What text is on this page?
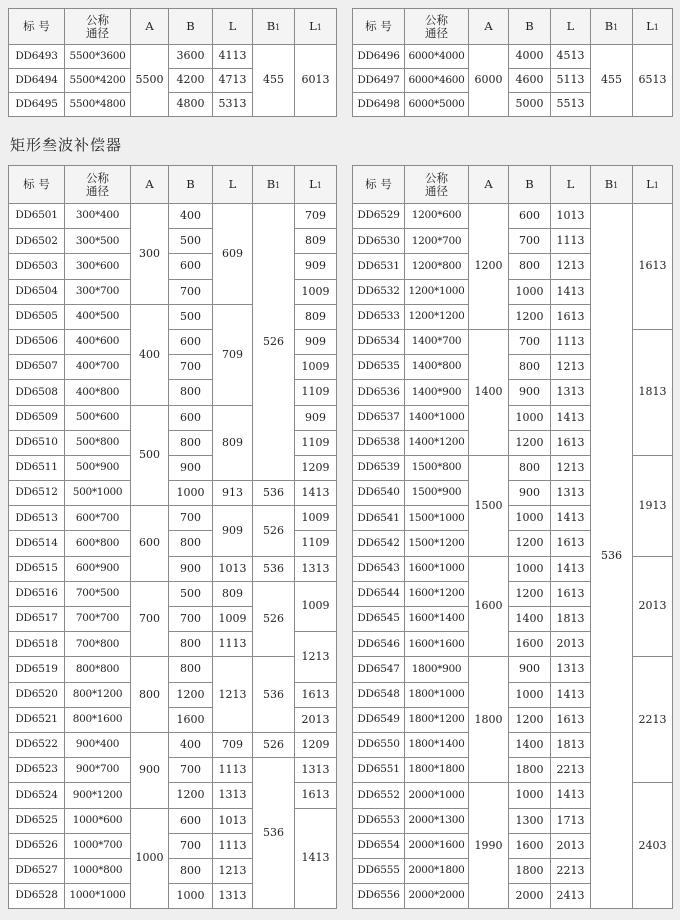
标 号	公称
通径	A	B	L	B1	L1
DD6493	5500*3600	5500	3600	4113	455	6013
DD6494	5500*4200		4200	4713		
DD6495	5500*4800		4800	5313		
标 号	公称
通径	A	B	L	B1	L1
DD6496	6000*4000	6000	4000	4513	455	6513
DD6497	6000*4600		4600	5113		
DD6498	6000*5000		5000	5513		
矩形叁波补偿器
标 号	公称
通径	A	B	L	B1	L1
DD6501	300*400	300	400	609	526	709
DD6502	300*500		500			809
DD6503	300*600		600			909
DD6504	300*700		700			1009
DD6505	400*500	400	500	709		809
DD6506	400*600		600			909
DD6507	400*700		700			1009
DD6508	400*800		800			1109
DD6509	500*600	500	600	809		909
DD6510	500*800		800			1109
DD6511	500*900		900			1209
DD6512	500*1000		1000	913	536	1413
DD6513	600*700	600	700	909	526	1009
DD6514	600*800		800			1109
DD6515	600*900		900	1013	536	1313
DD6516	700*500	700	500	809	526	1009
DD6517	700*700		700	1009		
DD6518	700*800		800	1113		1213
DD6519	800*800	800	800	1213	536	
DD6520	800*1200		1200			1613
DD6521	800*1600		1600			2013
DD6522	900*400	900	400	709	526	1209
DD6523	900*700		700	1113	536	1313
DD6524	900*1200		1200	1313		1613
DD6525	1000*600	1000	600	1013		1413
DD6526	1000*700		700	1113		
DD6527	1000*800		800	1213		
DD6528	1000*1000		1000	1313		
标 号	公称
通径	A	B	L	B1	L1
DD6529	1200*600	1200	600	1013	536	1613
DD6530	1200*700		700	1113		
DD6531	1200*800		800	1213		
DD6532	1200*1000		1000	1413		
DD6533	1200*1200		1200	1613		
DD6534	1400*700	1400	700	1113		1813
DD6535	1400*800		800	1213		
DD6536	1400*900		900	1313		
DD6537	1400*1000		1000	1413		
DD6538	1400*1200		1200	1613		
DD6539	1500*800	1500	800	1213		1913
DD6540	1500*900		900	1313		
DD6541	1500*1000		1000	1413		
DD6542	1500*1200		1200	1613		
DD6543	1600*1000	1600	1000	1413		2013
DD6544	1600*1200		1200	1613		
DD6545	1600*1400		1400	1813		
DD6546	1600*1600		1600	2013		
DD6547	1800*900	1800	900	1313		2213
DD6548	1800*1000		1000	1413		
DD6549	1800*1200		1200	1613		
DD6550	1800*1400		1400	1813		
DD6551	1800*1800		1800	2213		
DD6552	2000*1000	1990	1000	1413		2403
DD6553	2000*1300		1300	1713		
DD6554	2000*1600		1600	2013		
DD6555	2000*1800		1800	2213		
DD6556	2000*2000		2000	2413		
